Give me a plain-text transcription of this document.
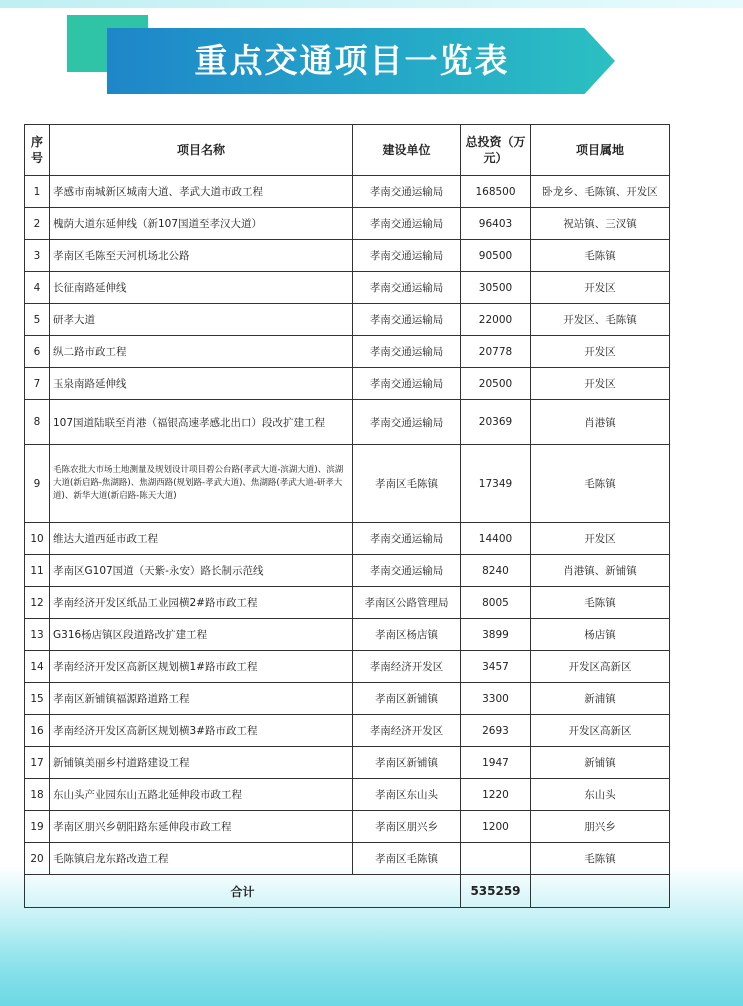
重点交通项目一览表
序号	项目名称	建设单位	总投资（万元）	项目属地
1	孝感市南城新区城南大道、孝武大道市政工程	孝南交通运输局	168500	卧龙乡、毛陈镇、开发区
2	槐荫大道东延伸线（新107国道至孝汉大道）	孝南交通运输局	96403	祝站镇、三汊镇
3	孝南区毛陈至天河机场北公路	孝南交通运输局	90500	毛陈镇
4	长征南路延伸线	孝南交通运输局	30500	开发区
5	研孝大道	孝南交通运输局	22000	开发区、毛陈镇
6	纵二路市政工程	孝南交通运输局	20778	开发区
7	玉泉南路延伸线	孝南交通运输局	20500	开发区
8	107国道陆联至肖港（福银高速孝感北出口）段改扩建工程	孝南交通运输局	20369	肖港镇
9	毛陈农批大市场土地测量及规划设计项目碧公台路(孝武大道-滨湖大道)、滨湖大道(新启路-焦湖路)、焦湖西路(规划路-孝武大道)、焦湖路(孝武大道-研孝大道)、新华大道(新启路-陈天大道)	孝南区毛陈镇	17349	毛陈镇
10	维达大道西延市政工程	孝南交通运输局	14400	开发区
11	孝南区G107国道（天紫-永安）路长制示范线	孝南交通运输局	8240	肖港镇、新铺镇
12	孝南经济开发区纸品工业园横2#路市政工程	孝南区公路管理局	8005	毛陈镇
13	G316杨店镇区段道路改扩建工程	孝南区杨店镇	3899	杨店镇
14	孝南经济开发区高新区规划横1#路市政工程	孝南经济开发区	3457	开发区高新区
15	孝南区新铺镇福源路道路工程	孝南区新铺镇	3300	新浦镇
16	孝南经济开发区高新区规划横3#路市政工程	孝南经济开发区	2693	开发区高新区
17	新铺镇美丽乡村道路建设工程	孝南区新铺镇	1947	新铺镇
18	东山头产业园东山五路北延伸段市政工程	孝南区东山头	1220	东山头
19	孝南区朋兴乡朝阳路东延伸段市政工程	孝南区朋兴乡	1200	朋兴乡
20	毛陈镇启龙东路改造工程	孝南区毛陈镇		毛陈镇
合计			535259	
